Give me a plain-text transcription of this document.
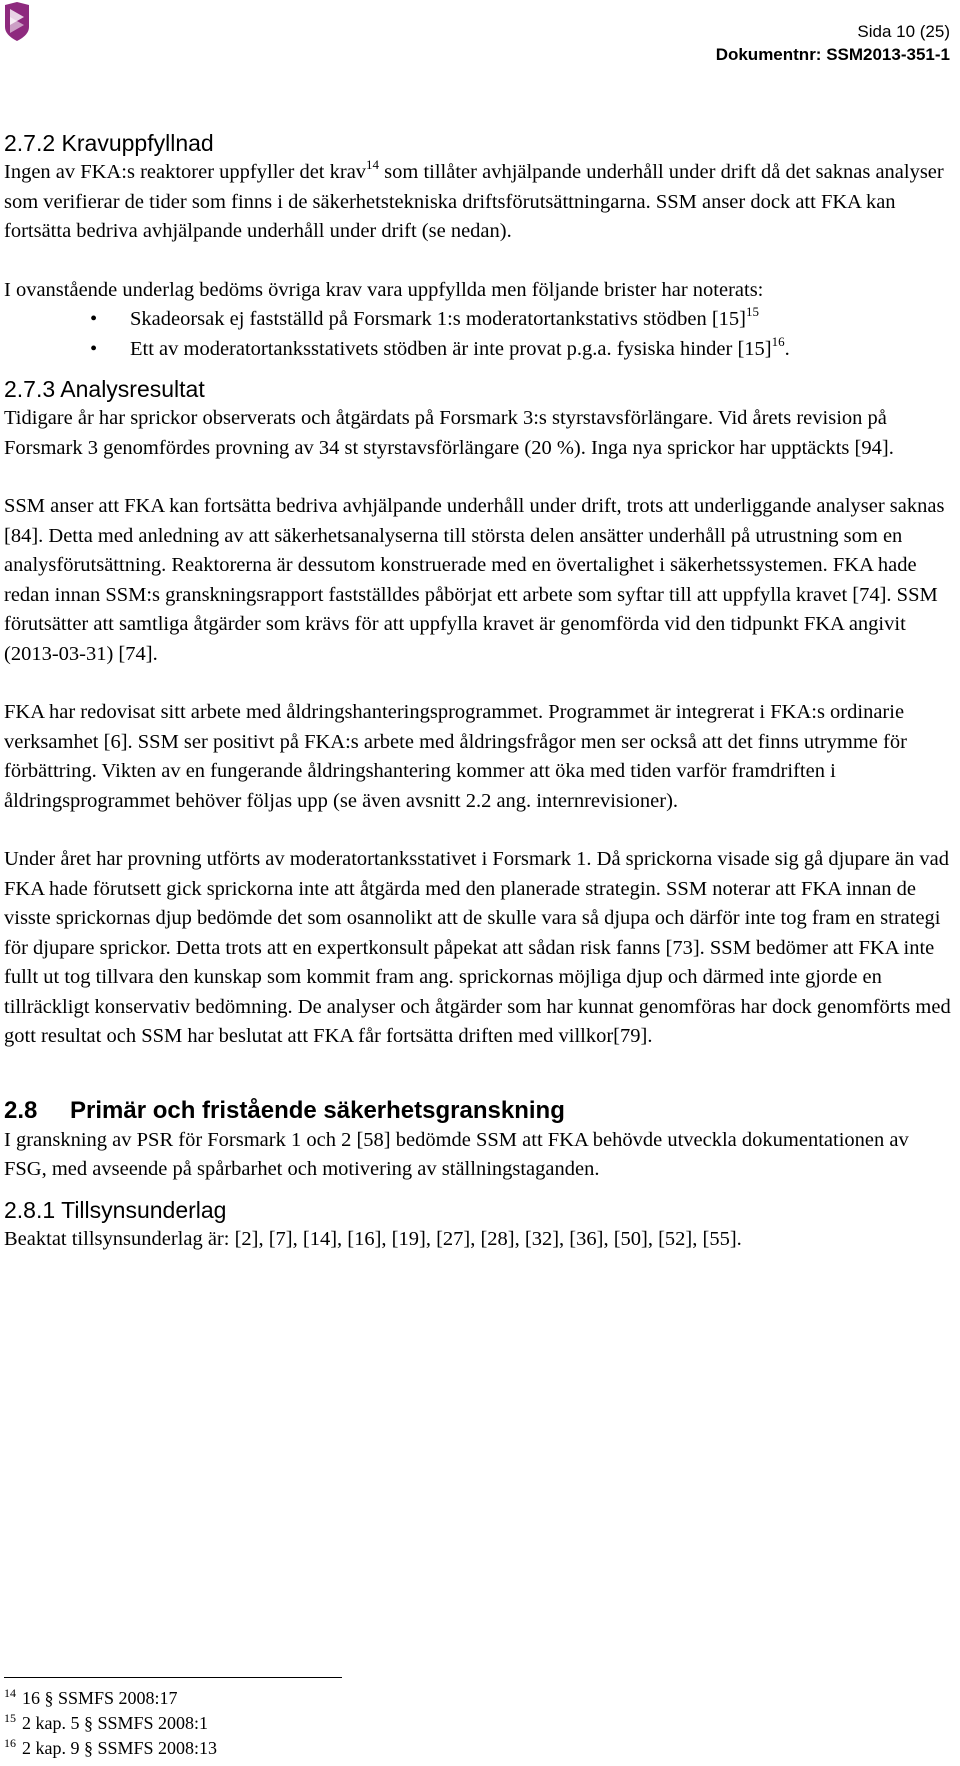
Sida 10 (25)
Dokumentnr: SSM2013-351-1
2.7.2 Kravuppfyllnad

Ingen av FKA:s reaktorer uppfyller det krav$^{14}$ som tillåter avhjälpande underhåll under drift då det saknas analyser som verifierar de tider som finns i de säkerhetstekniska driftsförutsättningarna. SSM anser dock att FKA kan fortsätta bedriva avhjälpande underhåll under drift (se nedan).

I ovanstående underlag bedöms övriga krav vara uppfyllda men följande brister har noterats:

• Skadeorsak ej fastställd på Forsmark 1:s moderatortankstativs stödben $[15]^{15}$
• Ett av moderatortanksstativets stödben är inte provat p.g.a. fysiska hinder $[15]^{16}$.
2.7.3 Analysresultat

Tidigare år har sprickor observerats och åtgärdats på Forsmark 3:s styrstavsförlängare. Vid årets revision på Forsmark 3 genomfördes provning av 34 st styrstavsförlängare (20 %). Inga nya sprickor har upptäckts [94].

SSM anser att FKA kan fortsätta bedriva avhjälpande underhåll under drift, trots att underliggande analyser saknas [84]. Detta med anledning av att säkerhetsanalyserna till största delen ansätter underhåll på utrustning som en analysförutsättning. Reaktorerna är dessutom konstruerade med en övertalighet i säkerhetssystemen. FKA hade redan innan SSM:s granskningsrapport fastställdes påbörjat ett arbete som syftar till att uppfylla kravet [74]. SSM förutsätter att samtliga åtgärder som krävs för att uppfylla kravet är genomförda vid den tidpunkt FKA angivit (2013-03-31) [74].

FKA har redovisat sitt arbete med åldringshanteringsprogrammet. Programmet är integrerat i FKA:s ordinarie verksamhet [6]. SSM ser positivt på FKA:s arbete med åldringsfrågor men ser också att det finns utrymme för förbättring. Vikten av en fungerande åldringshantering kommer att öka med tiden varför framdriften i åldringsprogrammet behöver följas upp (se även avsnitt 2.2 ang. internrevisioner).

Under året har provning utförts av moderatortanksstativet i Forsmark 1. Då sprickorna visade sig gå djupare än vad FKA hade förutsett gick sprickorna inte att åtgärda med den planerade strategin. SSM noterar att FKA innan de visste sprickornas djup bedömde det som osannolikt att de skulle vara så djupa och därför inte tog fram en strategi för djupare sprickor. Detta trots att en expertkonsult påpekat att sådan risk fanns [73]. SSM bedömer att FKA inte fullt ut tog tillvara den kunskap som kommit fram ang. sprickornas möjliga djup och därmed inte gjorde en tillräckligt konservativ bedömning. De analyser och åtgärder som har kunnat genomföras har dock genomförts med gott resultat och SSM har beslutat att FKA får fortsätta driften med villkor[79].

2.8 Primär och fristående säkerhetsgranskning

I granskning av PSR för Forsmark 1 och 2 [58] bedömde SSM att FKA behövde utveckla dokumentationen av FSG, med avseende på spårbarhet och motivering av ställningstaganden.

2.8.1 Tillsynsunderlag

Beaktat tillsynsunderlag är: [2], [7], [14], [16], [19], [27], [28], [32], [36], [50], [52], [55].

$^{14}$ 16 § SSMFS 2008:17
$^{15}$ 2 kap. 5 § SSMFS 2008:1
$^{16}$ 2 kap. 9 § SSMFS 2008:13
